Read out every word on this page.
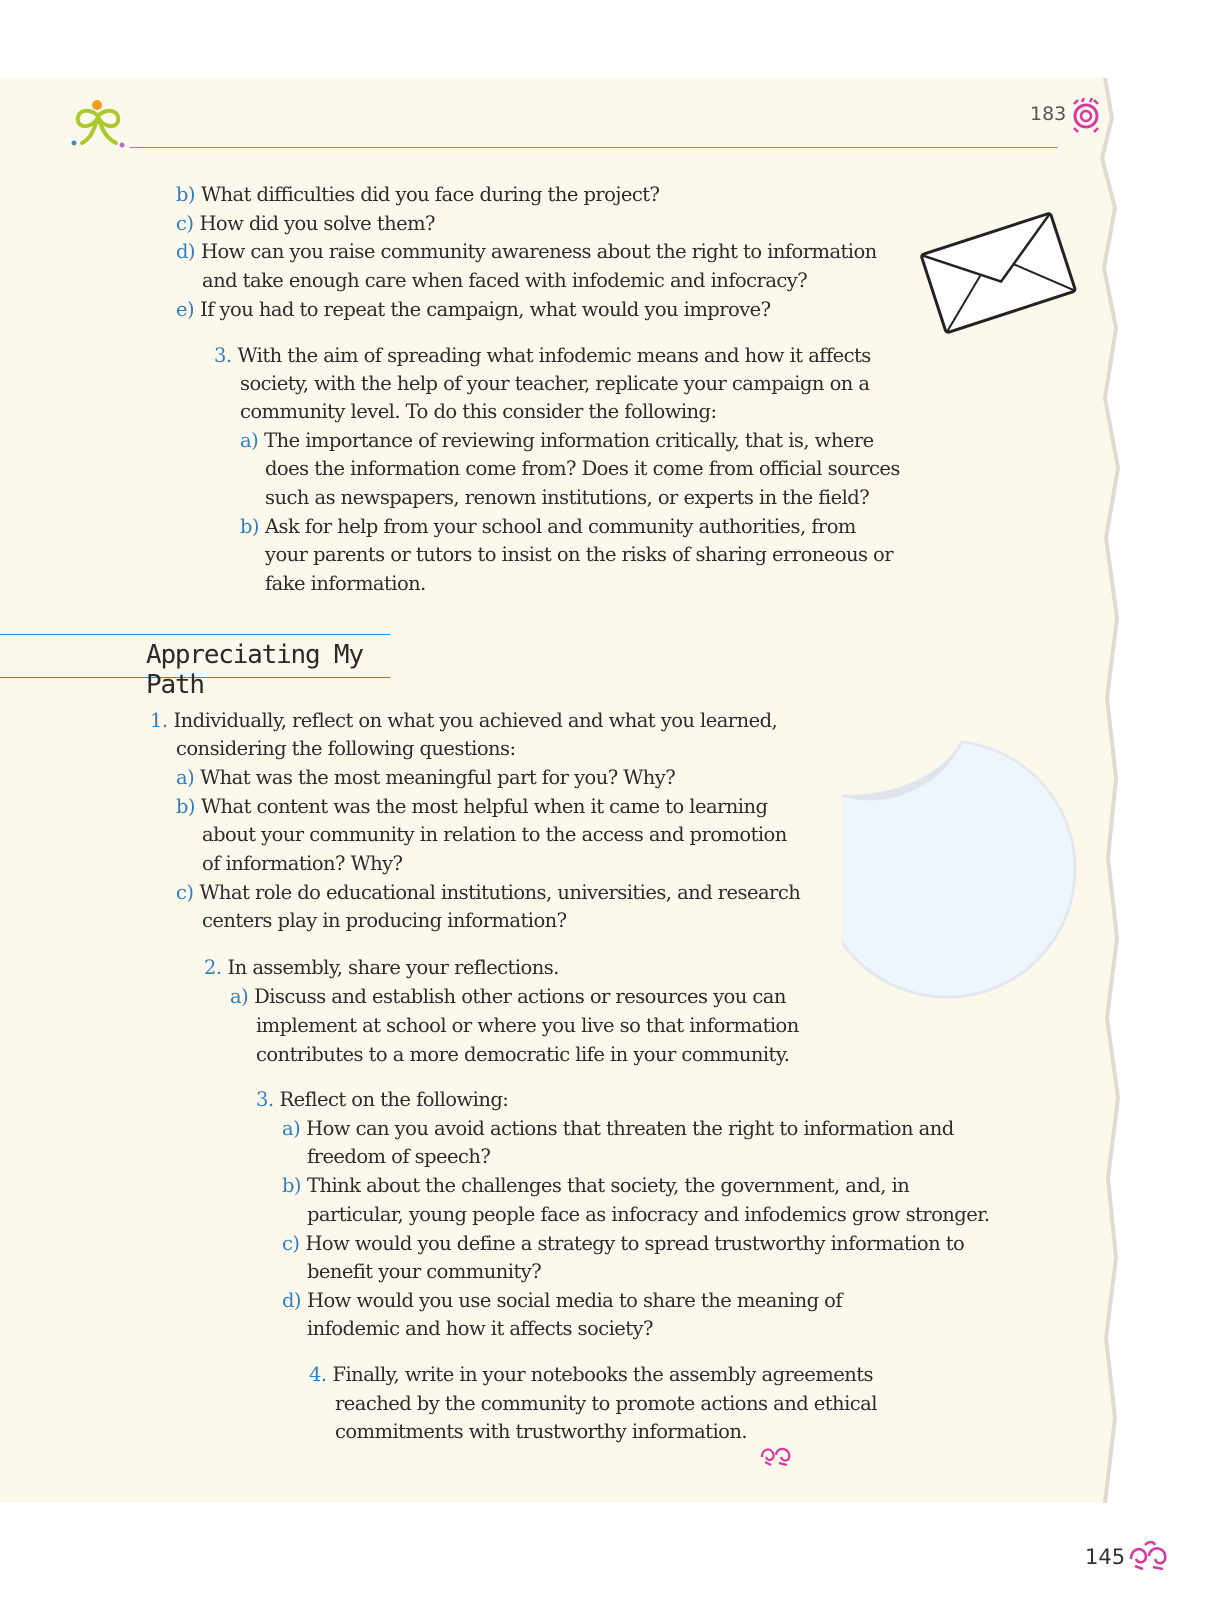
183
Appreciating My Path

b) What difficulties did you face during the project?

c) How did you solve them?

d) How can you raise community awareness about the right to information

and take enough care when faced with infodemic and infocracy?

e) If you had to repeat the campaign, what would you improve?

3. With the aim of spreading what infodemic means and how it affects

society, with the help of your teacher, replicate your campaign on a

community level. To do this consider the following:

a) The importance of reviewing information critically, that is, where

does the information come from? Does it come from official sources

such as newspapers, renown institutions, or experts in the field?

b) Ask for help from your school and community authorities, from

your parents or tutors to insist on the risks of sharing erroneous or

fake information.

1. Individually, reflect on what you achieved and what you learned,

considering the following questions:

a) What was the most meaningful part for you? Why?

b) What content was the most helpful when it came to learning

about your community in relation to the access and promotion

of information? Why?

c) What role do educational institutions, universities, and research

centers play in producing information?

2. In assembly, share your reflections.

a) Discuss and establish other actions or resources you can

implement at school or where you live so that information

contributes to a more democratic life in your community.

3. Reflect on the following:

a) How can you avoid actions that threaten the right to information and

freedom of speech?

b) Think about the challenges that society, the government, and, in

particular, young people face as infocracy and infodemics grow stronger.

c) How would you define a strategy to spread trustworthy information to

benefit your community?

d) How would you use social media to share the meaning of

infodemic and how it affects society?

4. Finally, write in your notebooks the assembly agreements

reached by the community to promote actions and ethical

commitments with trustworthy information.

145
